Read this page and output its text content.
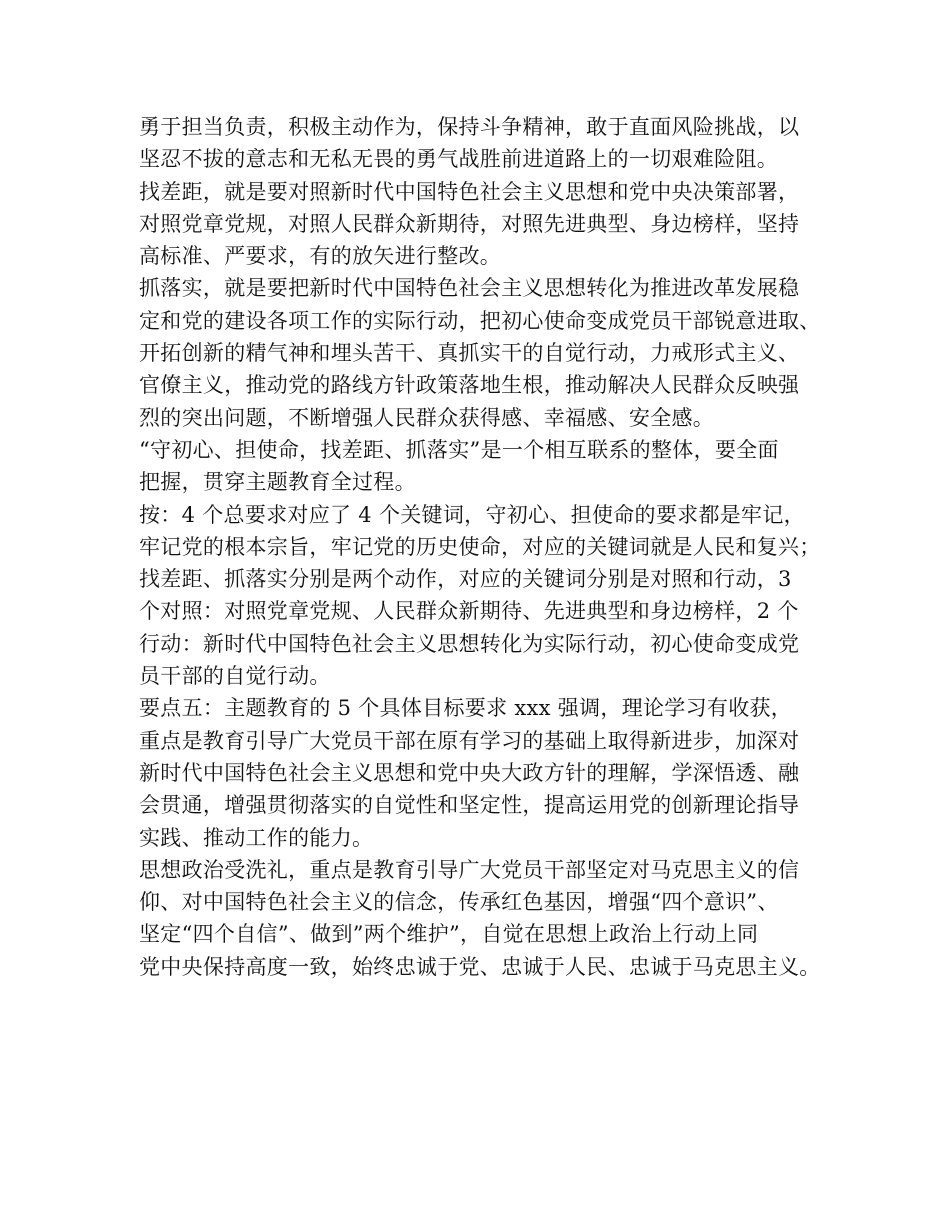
勇于担当负责，积极主动作为，保持斗争精神，敢于直面风险挑战，以
坚忍不拔的意志和无私无畏的勇气战胜前进道路上的一切艰难险阻。
找差距，就是要对照新时代中国特色社会主义思想和党中央决策部署，
对照党章党规，对照人民群众新期待，对照先进典型、身边榜样，坚持
高标准、严要求，有的放矢进行整改。
抓落实，就是要把新时代中国特色社会主义思想转化为推进改革发展稳
定和党的建设各项工作的实际行动，把初心使命变成党员干部锐意进取、
开拓创新的精气神和埋头苦干、真抓实干的自觉行动，力戒形式主义、
官僚主义，推动党的路线方针政策落地生根，推动解决人民群众反映强
烈的突出问题，不断增强人民群众获得感、幸福感、安全感。
“守初心、担使命，找差距、抓落实”是一个相互联系的整体，要全面
把握，贯穿主题教育全过程。
按：4 个总要求对应了 4 个关键词，守初心、担使命的要求都是牢记，
牢记党的根本宗旨，牢记党的历史使命，对应的关键词就是人民和复兴；
找差距、抓落实分别是两个动作，对应的关键词分别是对照和行动，3
个对照：对照党章党规、人民群众新期待、先进典型和身边榜样，2 个
行动：新时代中国特色社会主义思想转化为实际行动，初心使命变成党
员干部的自觉行动。
要点五：主题教育的 5 个具体目标要求 xxx 强调，理论学习有收获，
重点是教育引导广大党员干部在原有学习的基础上取得新进步，加深对
新时代中国特色社会主义思想和党中央大政方针的理解，学深悟透、融
会贯通，增强贯彻落实的自觉性和坚定性，提高运用党的创新理论指导
实践、推动工作的能力。
思想政治受洗礼，重点是教育引导广大党员干部坚定对马克思主义的信
仰、对中国特色社会主义的信念，传承红色基因，增强“四个意识”、
坚定“四个自信”、做到”两个维护”，自觉在思想上政治上行动上同
党中央保持高度一致，始终忠诚于党、忠诚于人民、忠诚于马克思主义。
